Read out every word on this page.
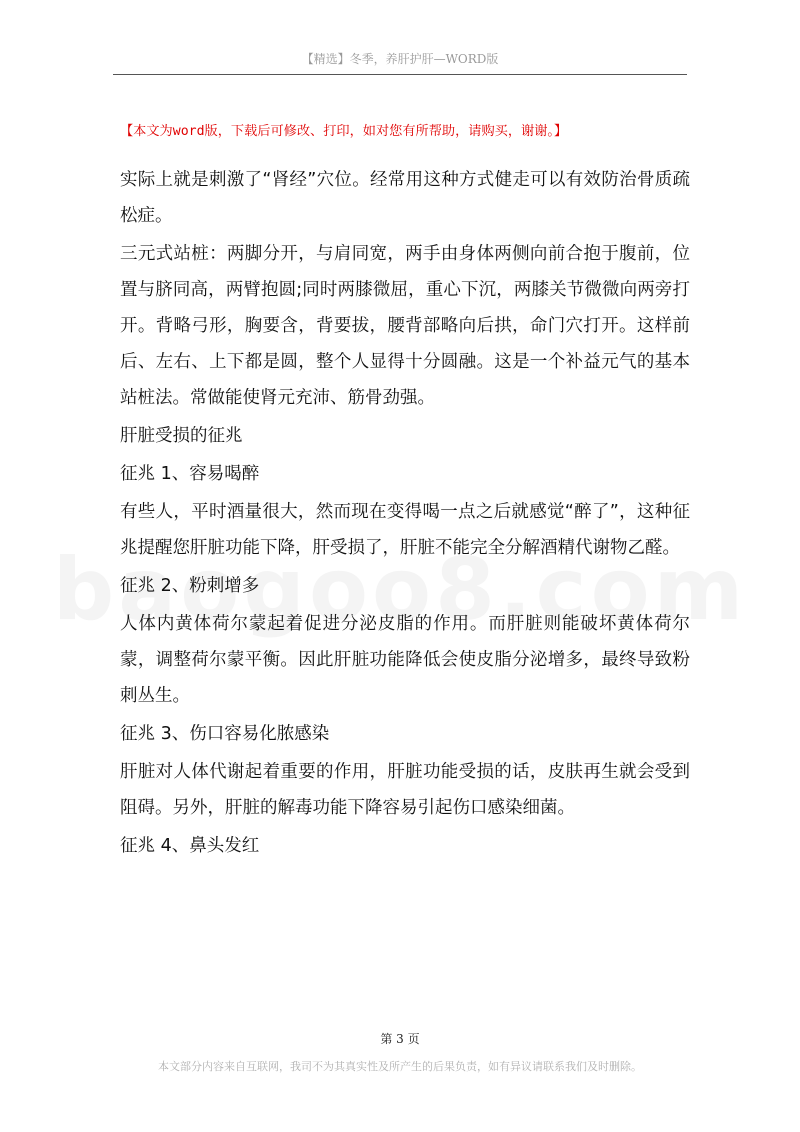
【精选】冬季，养肝护肝—WORD版
【本文为word版，下载后可修改、打印，如对您有所帮助，请购买，谢谢。】

实际上就是刺激了“肾经”穴位。经常用这种方式健走可以有效防治骨质疏松症。

三元式站桩：两脚分开，与肩同宽，两手由身体两侧向前合抱于腹前，位置与脐同高，两臂抱圆;同时两膝微屈，重心下沉，两膝关节微微向两旁打开。背略弓形，胸要含，背要拔，腰背部略向后拱，命门穴打开。这样前后、左右、上下都是圆，整个人显得十分圆融。这是一个补益元气的基本站桩法。常做能使肾元充沛、筋骨劲强。

肝脏受损的征兆

征兆 1、容易喝醉

有些人，平时酒量很大，然而现在变得喝一点之后就感觉“醉了”，这种征兆提醒您肝脏功能下降，肝受损了，肝脏不能完全分解酒精代谢物乙醛。

征兆 2、粉刺增多

人体内黄体荷尔蒙起着促进分泌皮脂的作用。而肝脏则能破坏黄体荷尔蒙，调整荷尔蒙平衡。因此肝脏功能降低会使皮脂分泌增多，最终导致粉刺丛生。

征兆 3、伤口容易化脓感染

肝脏对人体代谢起着重要的作用，肝脏功能受损的话，皮肤再生就会受到阻碍。另外，肝脏的解毒功能下降容易引起伤口感染细菌。

征兆 4、鼻头发红

第 3 页
本文部分内容来自互联网，我司不为其真实性及所产生的后果负责，如有异议请联系我们及时删除。
